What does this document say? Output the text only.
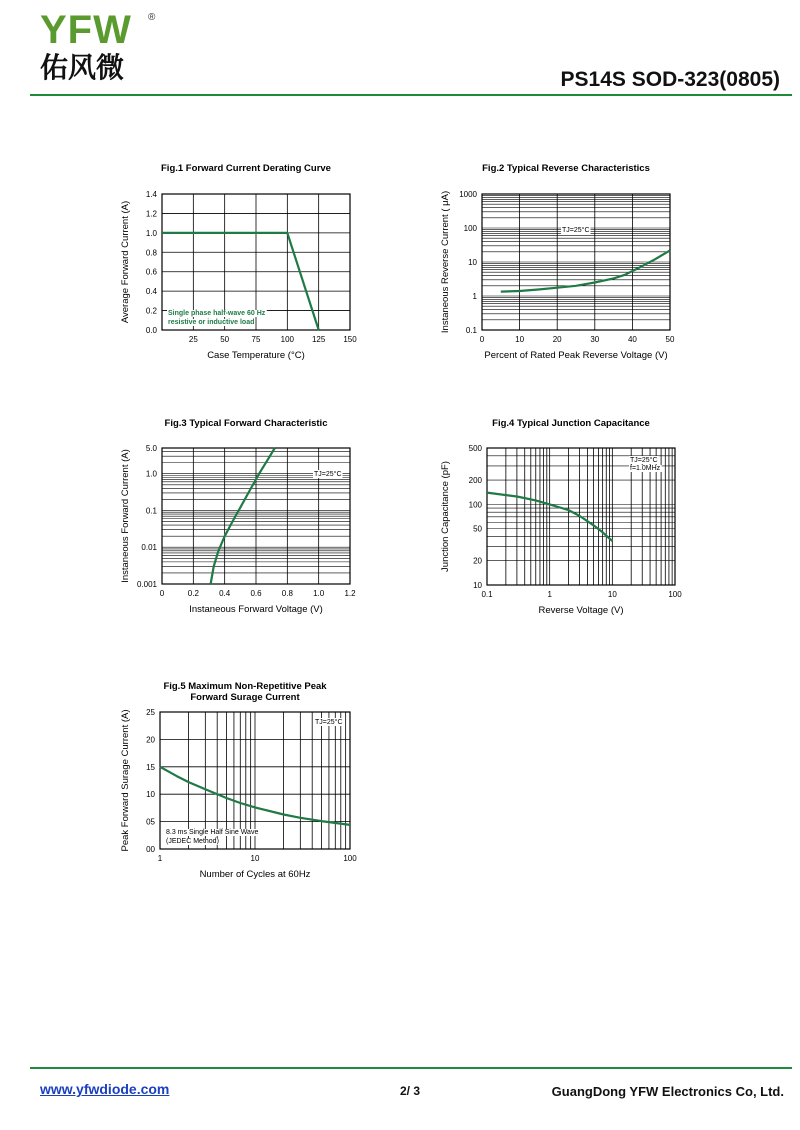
YFW
佑风微
®
PS14S SOD-323(0805)
Fig.1 Forward Current Derating Curve
25	50	75	100 125 150
0.0
0.2
0.4
0.6
0.8
1.0
1.2
1.4
Case Temperature (°C)
Average Forward Current (A)	Single phase half-wave 60 Hz
resistive or inductive load
Fig.2 Typical Reverse Characteristics
0	10	20	30	40	50
0.1
1
10
100
1000
Percent of Rated Peak Reverse Voltage (V)
Instaneous Reverse Current ( μA)	TJ=25°C
Fig.3 Typical Forward Characteristic
0	0.2	0.4	0.6	0.8	1.0	1.2
0.001
0.01
0.1
1.0
5.0
Instaneous Forward Voltage (V)
Instaneous Forward Current (A)	TJ=25°C
Fig.4 Typical Junction Capacitance
0.1	1	10	100
10
20
50
100
200
500
Reverse Voltage (V)
Junction Capacitance (pF)
TJ=25°C
f=1.0MHz
Fig.5 Maximum Non-Repetitive Peak
Forward Surage Current
1	10	100
00
05
10
15
20
25
Number of Cycles at 60Hz
Peak Forward Surage Current (A)	TJ=25°C
8.3 ms Single Half Sine Wave
(JEDEC Method)
www.yfwdiode.com	2/ 3	GuangDong YFW Electronics Co, Ltd.
